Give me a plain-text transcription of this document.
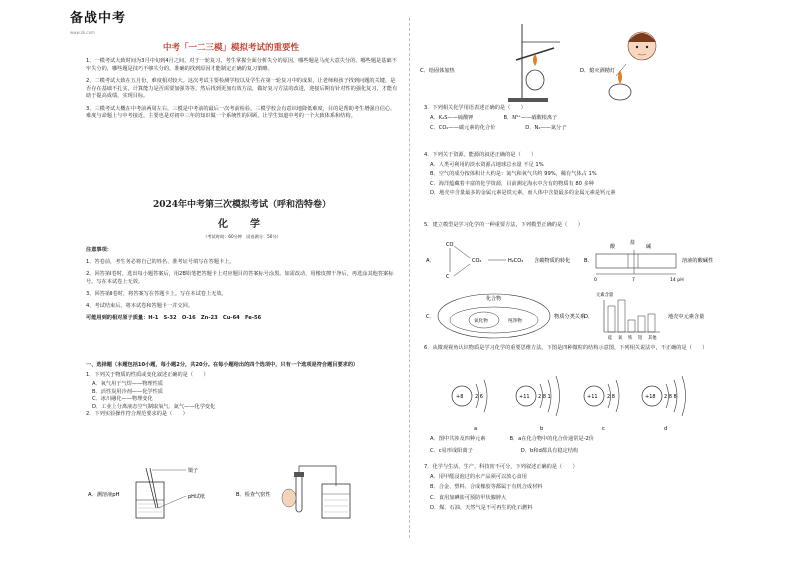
备战中考
www.zk.com
中考「一二三模」模拟考试的重要性

1、一模考试大致时间为3月中旬到4月之间。对于一轮复习，考生掌握全面分析失分的原因，哪些题是马虎大意失分的，哪些题是基础不牢失分的，哪些题是技巧不够失分的。准确的找到原因才能制定正确的复习策略。

2、二模考试大致在五月份，难度相对较大。这次考试主要检测学校以及学生在第一轮复习中的成果，让老师和孩子找到问题的关键，是否存在基础不扎实，计算能力是否需要加强等等。然后找到更加有效方法，做好复习方法的改进，迎接后期有针对性的强化复习，才能有助于提高成绩，实现目标。

3、三模考试大概在中考前两周左右，三模是中考前的最后一次考前检验。三模学校会有意识地降低难度，目的是帮助考生增强自信心，难度与命题上与中考接近，主要也是对初中三年的知识做一个系统性的回顾，让学生知道中考的一个大致体系和结构。

2024年中考第三次模拟考试（呼和浩特卷）
化　学
（考试时间：60分钟　试卷满分：50分）

注意事项：

1、答卷前，考生务必将自己的姓名、准考证号填写在答题卡上。

2、回答第Ⅰ卷时，选出每小题答案后，用2B铅笔把答题卡上对应题目的答案标号涂黑。如需改动，用橡皮擦干净后，再选涂其他答案标号。写在本试卷上无效。

3、回答第Ⅱ卷时，将答案写在答题卡上。写在本试卷上无效。

4、考试结束后，将本试卷和答题卡一并交回。

可能用到的相对原子质量：H-1　S-32　O-16　Zn-23　Cu-64　Fe-56

一、选择题（本题包括10小题，每小题2分，共20分。在每小题给出的四个选项中，只有一个选项是符合题目要求的）

1．下列关于物质的性质或变化叙述正确的是（　　）

A．氧气用于气焊——物理性质

B．活性炭用冷剂——化学性质

C．冰川融化——物理变化

D．工业上分离液态空气制取氧气、氮气——化学变化

2．下列实验操作符合规范要求的是（　　）

A．测溶液pH
镊子
pH试纸	B．检查气密性
C．给固体加热	D．熄灭酒精灯

3．下列相关化学用语表述正确的是（　　）

A．K₂S——硫酸钾	B．N⁵⁺——硝酸根离子
C．CO₂——碳元素的化合价	D．N₂——氮分子

4．下列关于资源、能源的叙述正确的是（　　）

A．人类可利用的淡水资源占地球总水量 不足 1%

B．空气的成分按体积计大约是：氮气和氧气共约 99%，稀有气体占 1%

C．海洋蕴藏着丰富的化学资源，目前测定海水中含有的物质有 80 多种

D．地壳中含量最多的金属元素是铁元素，而人体中含量最多的金属元素是钙元素

5．建立模型是学习化学的一种重要方法，下列模型正确的是（　　）

A．
CO
C
CO₂	H₂CO₃ 含碳物质的转化	B．
酸
盐
碱
0	7	14 pH
溶液的酸碱性
C．
化合物
氧化物	纯净物
物质分类关系
D．
元素含量
硅 氧 铁 铝 其他
地壳中元素含量

6．从微观视角认识物质是学习化学的重要思维方法。下图是四种微粒的结构示意图，下列相关说法中，不正确的是（　　）

+8 2 6
a
+11 2 8 1
b
+11 2 8
c
+18 2 8 8
d
A．图中共涉及四种元素	B．a在化合物中的化合价通常是-2价
C．c易形成阳离子	D．b和d都具有稳定结构

7．化学与生活、生产、科技密不可分，下列叙述正确的是（　　）

A．用甲醛浸泡过的水产品须可以放心食用

B．合金、塑料、合成橡胶等都属于有机合成材料

C．食用加碘盐可预防甲状腺肿大

D．煤、石油、天然气是不可再生的化石燃料
